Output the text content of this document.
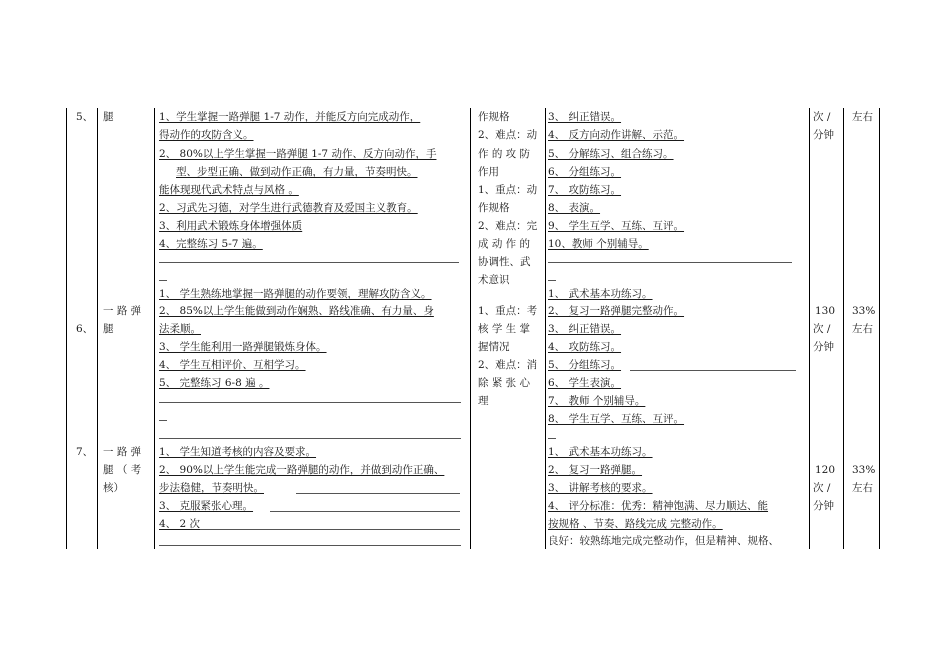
5、 腿	1、学生掌握一路弹腿 1-7 动作，并能反方向完成动作，
得动作的攻防含义。
2、 80%以上学生掌握一路弹腿 1-7 动作、反方向动作，手
型、步型正确、做到动作正确，有力量，节奏明快。
能体现现代武术特点与风格 。
2、习武先习德，对学生进行武德教育及爱国主义教育。
3、利用武术锻炼身体增强体质
4、完整练习 5-7 遍。
作规格
2、难点：动
作 的 攻 防
作用
1、重点：动
作规格
2、难点：完
成 动 作 的
协调性、武
术意识
1、重点：考
核 学 生 掌
握情况
2、难点：消
除 紧 张 心
理
3、 纠正错误。
4、 反方向动作讲解、示范。
5、 分解练习、组合练习。
6、 分组练习。
7、 攻防练习。
8、 表演。
9、 学生互学、互练、互评。
10、教师 个别辅导。
次 /
分钟
左右
一 路 弹
腿
6、
1、 学生熟练地掌握一路弹腿的动作要领，理解攻防含义。
2、 85%以上学生能做到动作娴熟、路线准确、有力量、身
法柔顺。
3、 学生能利用一路弹腿锻炼身体。
4、 学生互相评价、互相学习。
5、 完整练习 6-8 遍 。
1、 武术基本功练习。
2、 复习一路弹腿完整动作。
3、 纠正错误。
4、 攻防练习。
5、 分组练习。
6、 学生表演。
7、 教师 个别辅导。
8、 学生互学、互练、互评。
130
次 /
分钟
33%
左右
7、 一 路 弹
腿 （ 考
核）
1、 学生知道考核的内容及要求。
2、 90%以上学生能完成一路弹腿的动作，并做到动作正确、
步法稳健，节奏明快。
3、 克服紧张心理。
4、 2 次
1、 武术基本功练习。
2、 复习一路弹腿。
3、 讲解考核的要求。
4、 评分标准：优秀：精神饱满、尽力顺达、能
按规格 、节奏、路线完成 完整动作。
良好：较熟练地完成完整动作，但是精神、规格、
120
次 /
分钟
33%
左右
